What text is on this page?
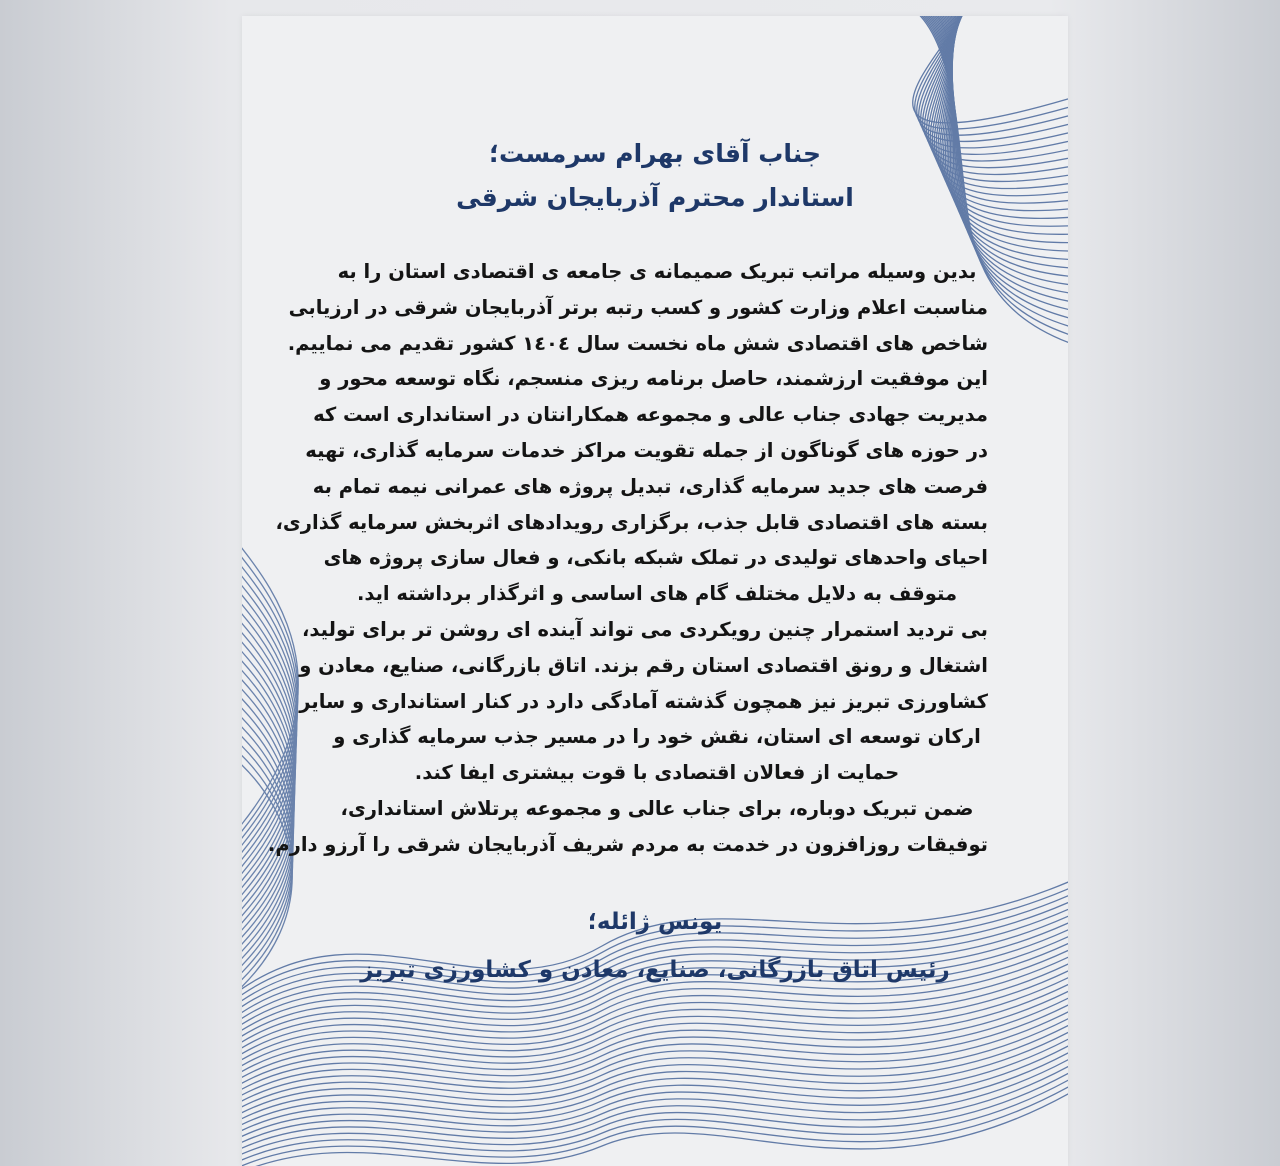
جناب آقای بهرام سرمست؛
استاندار محترم آذربایجان شرقی
بدین وسیله مراتب تبریک صمیمانه ی جامعه ی اقتصادی استان را به
مناسبت اعلام وزارت کشور و کسب رتبه برتر آذربایجان شرقی در ارزیابی
شاخص های اقتصادی شش ماه نخست سال ۱٤٠٤ کشور تقدیم می نماییم.
این موفقیت ارزشمند، حاصل برنامه ریزی منسجم، نگاه توسعه محور و
مدیریت جهادی جناب عالی و مجموعه همکارانتان در استانداری است که
در حوزه های گوناگون از جمله تقویت مراکز خدمات سرمایه گذاری، تهیه
فرصت های جدید سرمایه گذاری، تبدیل پروژه های عمرانی نیمه تمام به
بسته های اقتصادی قابل جذب، برگزاری رویدادهای اثربخش سرمایه گذاری،
احیای واحدهای تولیدی در تملک شبکه بانکی، و فعال سازی پروژه های
متوقف به دلایل مختلف گام های اساسی و اثرگذار برداشته اید.
بی تردید استمرار چنین رویکردی می تواند آینده ای روشن تر برای تولید،
اشتغال و رونق اقتصادی استان رقم بزند. اتاق بازرگانی، صنایع، معادن و
کشاورزی تبریز نیز همچون گذشته آمادگی دارد در کنار استانداری و سایر
ارکان توسعه ای استان، نقش خود را در مسیر جذب سرمایه گذاری و
حمایت از فعالان اقتصادی با قوت بیشتری ایفا کند.
ضمن تبریک دوباره، برای جناب عالی و مجموعه پرتلاش استانداری،
توفیقات روزافزون در خدمت به مردم شریف آذربایجان شرقی را آرزو دارم.
یونس ژائله؛
رئیس اتاق بازرگانی، صنایع، معادن و کشاورزی تبریز
